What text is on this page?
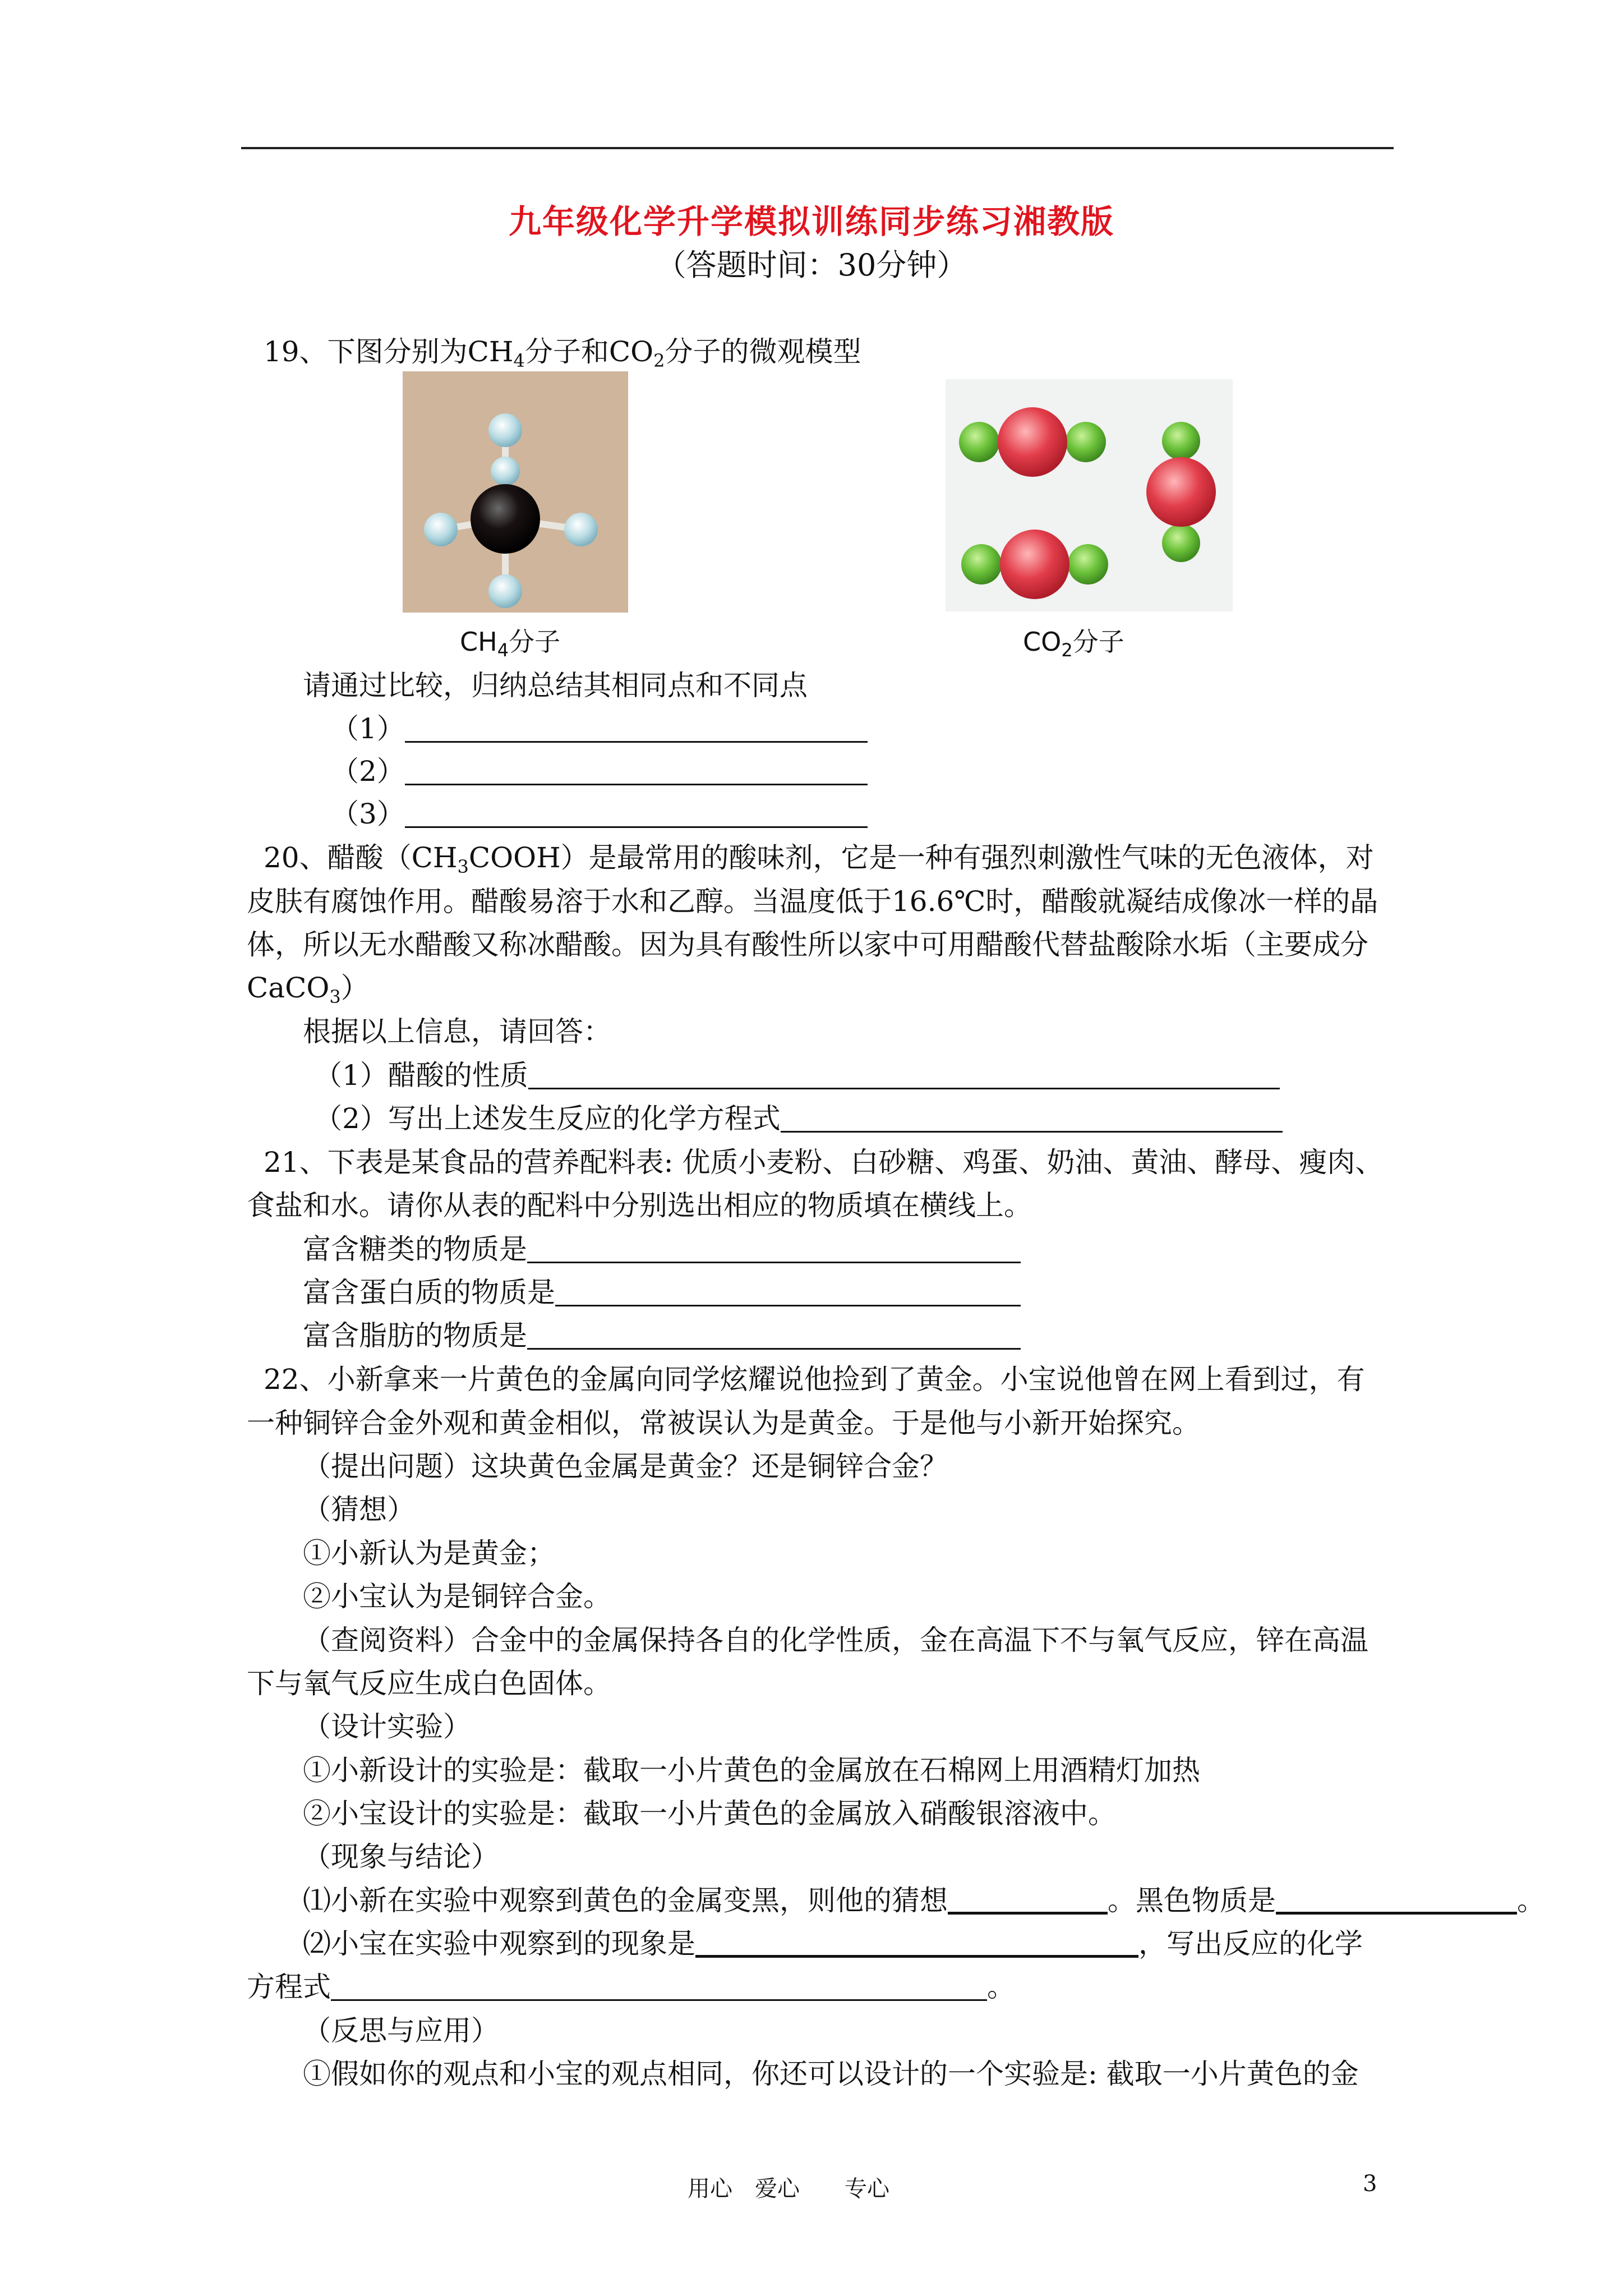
九年级化学升学模拟训练同步练习湘教版
（答题时间：30分钟）
19、下图分别为$CH_4$分子和$CO_2$分子的微观模型
$CH_4$分子	$CO_2$分子
请通过比较，归纳总结其相同点和不同点
（1）
（2）
（3）
20、醋酸$(CH_3COOH)$是最常用的酸味剂，它是一种有强烈刺激性气味的无色液体，对
皮肤有腐蚀作用。醋酸易溶于水和乙醇。当温度低于16.6℃时，醋酸就凝结成像冰一样的晶
体，所以无水醋酸又称冰醋酸。因为具有酸性所以家中可用醋酸代替盐酸除水垢（主要成分
CaCO$_3$）
根据以上信息，请回答：
（1）醋酸的性质
（2）写出上述发生反应的化学方程式
21、下表是某食品的营养配料表: 优质小麦粉、白砂糖、鸡蛋、奶油、黄油、酵母、瘦肉、
食盐和水。请你从表的配料中分别选出相应的物质填在横线上。
富含糖类的物质是
富含蛋白质的物质是
富含脂肪的物质是
22、小新拿来一片黄色的金属向同学炫耀说他捡到了黄金。小宝说他曾在网上看到过，有
一种铜锌合金外观和黄金相似，常被误认为是黄金。于是他与小新开始探究。
（提出问题）这块黄色金属是黄金？还是铜锌合金？
（猜想）
①小新认为是黄金；
②小宝认为是铜锌合金。
（查阅资料）合金中的金属保持各自的化学性质，金在高温下不与氧气反应，锌在高温
下与氧气反应生成白色固体。
（设计实验）
①小新设计的实验是：截取一小片黄色的金属放在石棉网上用酒精灯加热
②小宝设计的实验是：截取一小片黄色的金属放入硝酸银溶液中。
（现象与结论）
⑴小新在实验中观察到黄色的金属变黑，则他的猜想	。黑色物质是	。
⑵小宝在实验中观察到的现象是	，写出反应的化学
方程式	。
（反思与应用）
①假如你的观点和小宝的观点相同，你还可以设计的一个实验是: 截取一小片黄色的金
用心　爱心　　专心	3
